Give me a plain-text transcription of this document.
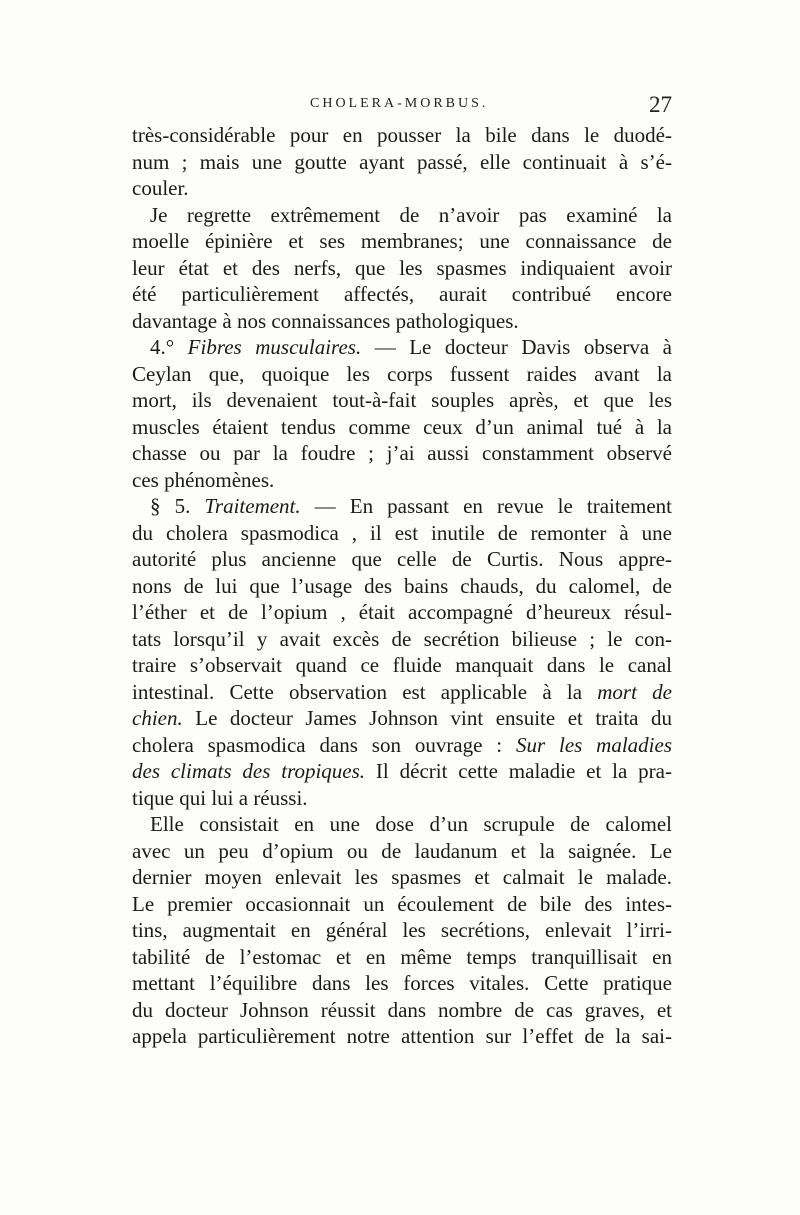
CHOLERA-MORBUS.	27
très-considérable pour en pousser la bile dans le duodé-
num ; mais une goutte ayant passé, elle continuait à s’é-
couler.
Je regrette extrêmement de n’avoir pas examiné la
moelle épinière et ses membranes; une connaissance de
leur état et des nerfs, que les spasmes indiquaient avoir
été particulièrement affectés, aurait contribué encore
davantage à nos connaissances pathologiques.
4.° Fibres musculaires. — Le docteur Davis observa à
Ceylan que, quoique les corps fussent raides avant la
mort, ils devenaient tout-à-fait souples après, et que les
muscles étaient tendus comme ceux d’un animal tué à la
chasse ou par la foudre ; j’ai aussi constamment observé
ces phénomènes.
§ 5. Traitement. — En passant en revue le traitement
du cholera spasmodica , il est inutile de remonter à une
autorité plus ancienne que celle de Curtis. Nous appre-
nons de lui que l’usage des bains chauds, du calomel, de
l’éther et de l’opium , était accompagné d’heureux résul-
tats lorsqu’il y avait excès de secrétion bilieuse ; le con-
traire s’observait quand ce fluide manquait dans le canal
intestinal. Cette observation est applicable à la mort de
chien. Le docteur James Johnson vint ensuite et traita du
cholera spasmodica dans son ouvrage : Sur les maladies
des climats des tropiques. Il décrit cette maladie et la pra-
tique qui lui a réussi.
Elle consistait en une dose d’un scrupule de calomel
avec un peu d’opium ou de laudanum et la saignée. Le
dernier moyen enlevait les spasmes et calmait le malade.
Le premier occasionnait un écoulement de bile des intes-
tins, augmentait en général les secrétions, enlevait l’irri-
tabilité de l’estomac et en même temps tranquillisait en
mettant l’équilibre dans les forces vitales. Cette pratique
du docteur Johnson réussit dans nombre de cas graves, et
appela particulièrement notre attention sur l’effet de la sai-
